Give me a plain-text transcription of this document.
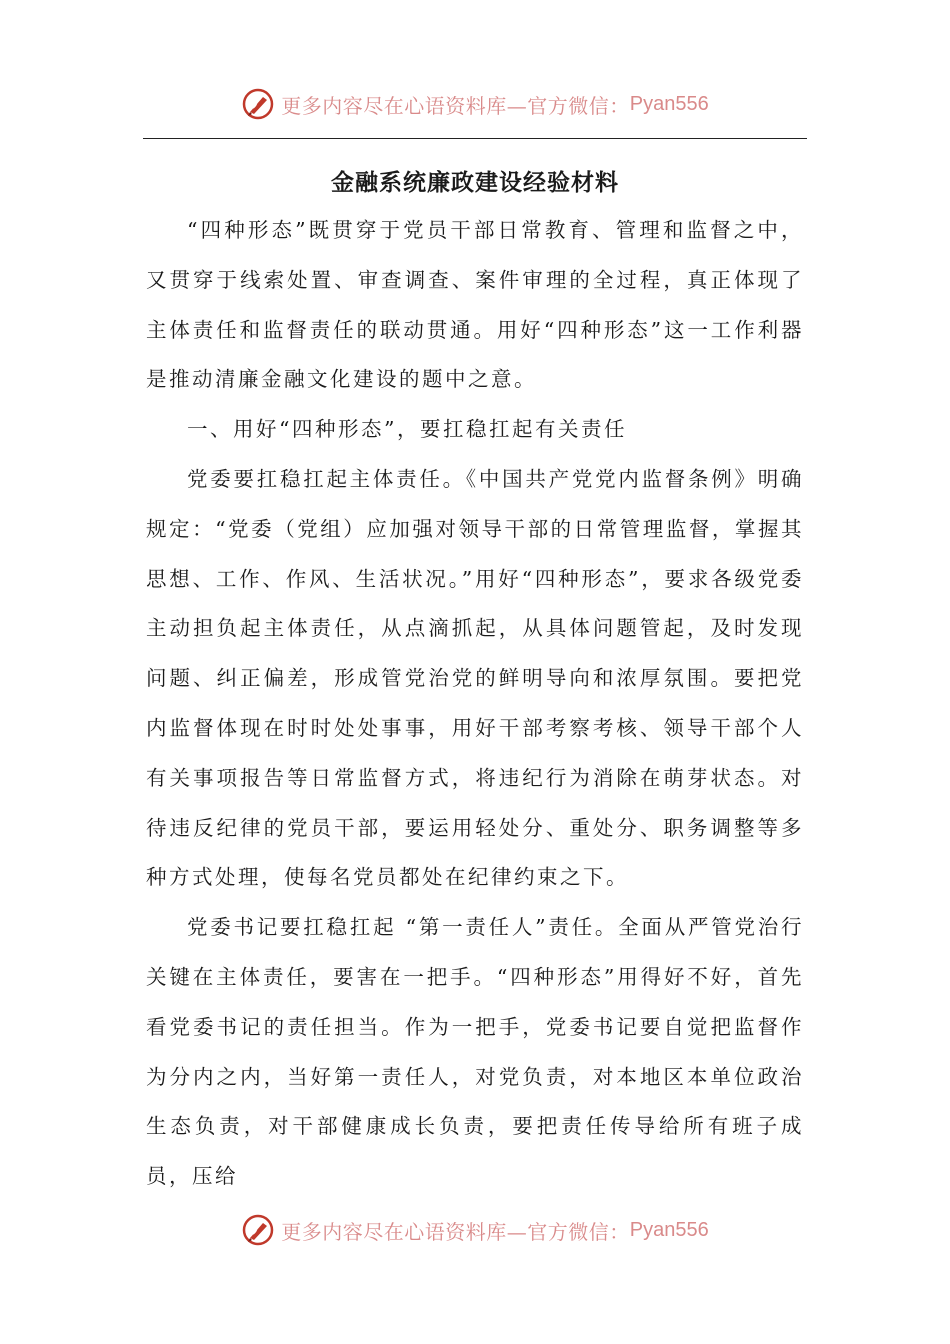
更多内容尽在心语资料库—官方微信： Pyan556
金融系统廉政建设经验材料

“四种形态”既贯穿于党员干部日常教育、管理和监督之中，又贯穿于线索处置、审查调查、案件审理的全过程，真正体现了主体责任和监督责任的联动贯通。用好“四种形态”这一工作利器是推动清廉金融文化建设的题中之意。

一、用好“四种形态”，要扛稳扛起有关责任

党委要扛稳扛起主体责任。《中国共产党党内监督条例》明确规定：“党委（党组）应加强对领导干部的日常管理监督，掌握其思想、工作、作风、生活状况。”用好“四种形态”，要求各级党委主动担负起主体责任，从点滴抓起，从具体问题管起，及时发现问题、纠正偏差，形成管党治党的鲜明导向和浓厚氛围。要把党内监督体现在时时处处事事，用好干部考察考核、领导干部个人有关事项报告等日常监督方式，将违纪行为消除在萌芽状态。对待违反纪律的党员干部，要运用轻处分、重处分、职务调整等多种方式处理，使每名党员都处在纪律约束之下。

党委书记要扛稳扛起 “第一责任人”责任。全面从严管党治行关键在主体责任，要害在一把手。“四种形态”用得好不好，首先看党委书记的责任担当。作为一把手，党委书记要自觉把监督作为分内之内，当好第一责任人，对党负责，对本地区本单位政治生态负责，对干部健康成长负责，要把责任传导给所有班子成员，压给

更多内容尽在心语资料库—官方微信： Pyan556
